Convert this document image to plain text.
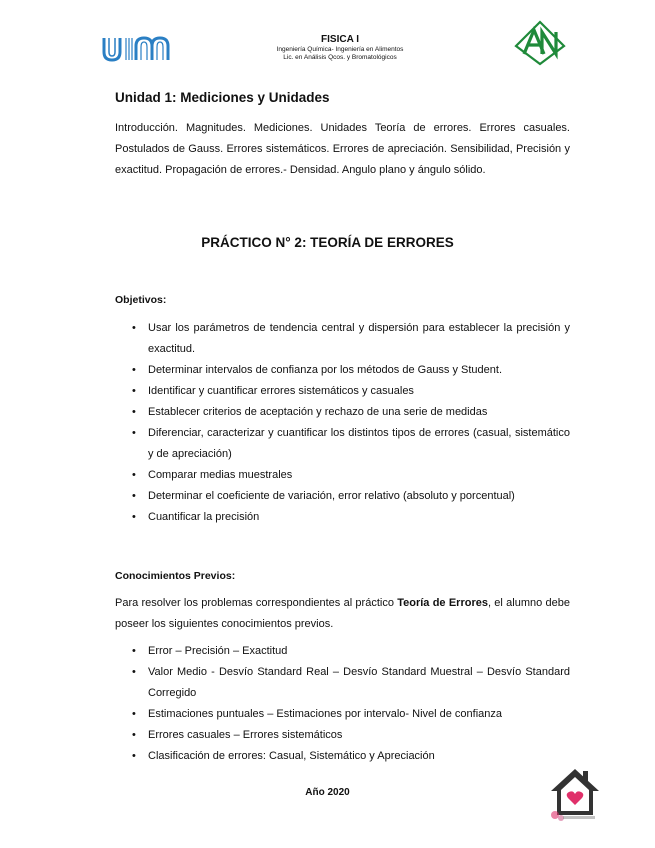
FISICA I
Ingeniería Química- Ingeniería en Alimentos
Lic. en Análisis Qcos. y Bromatológicos
Unidad 1: Mediciones y Unidades
Introducción. Magnitudes. Mediciones. Unidades Teoría de errores. Errores casuales. Postulados de Gauss. Errores sistemáticos. Errores de apreciación. Sensibilidad, Precisión y exactitud. Propagación de errores.- Densidad. Angulo plano y ángulo sólido.
PRÁCTICO N° 2: TEORÍA DE ERRORES
Objetivos:
• Usar los parámetros de tendencia central y dispersión para establecer la precisión y exactitud.
• Determinar intervalos de confianza por los métodos de Gauss y Student.
• Identificar y cuantificar errores sistemáticos y casuales
• Establecer criterios de aceptación y rechazo de una serie de medidas
• Diferenciar, caracterizar y cuantificar los distintos tipos de errores (casual, sistemático y de apreciación)
• Comparar medias muestrales
• Determinar el coeficiente de variación, error relativo (absoluto y porcentual)
• Cuantificar la precisión
Conocimientos Previos:
Para resolver los problemas correspondientes al práctico Teoría de Errores, el alumno debe poseer los siguientes conocimientos previos.
• Error – Precisión – Exactitud
• Valor Medio - Desvío Standard Real – Desvío Standard Muestral – Desvío Standard Corregido
• Estimaciones puntuales – Estimaciones por intervalo- Nivel de confianza
• Errores casuales – Errores sistemáticos
• Clasificación de errores: Casual, Sistemático y Apreciación
Año 2020
